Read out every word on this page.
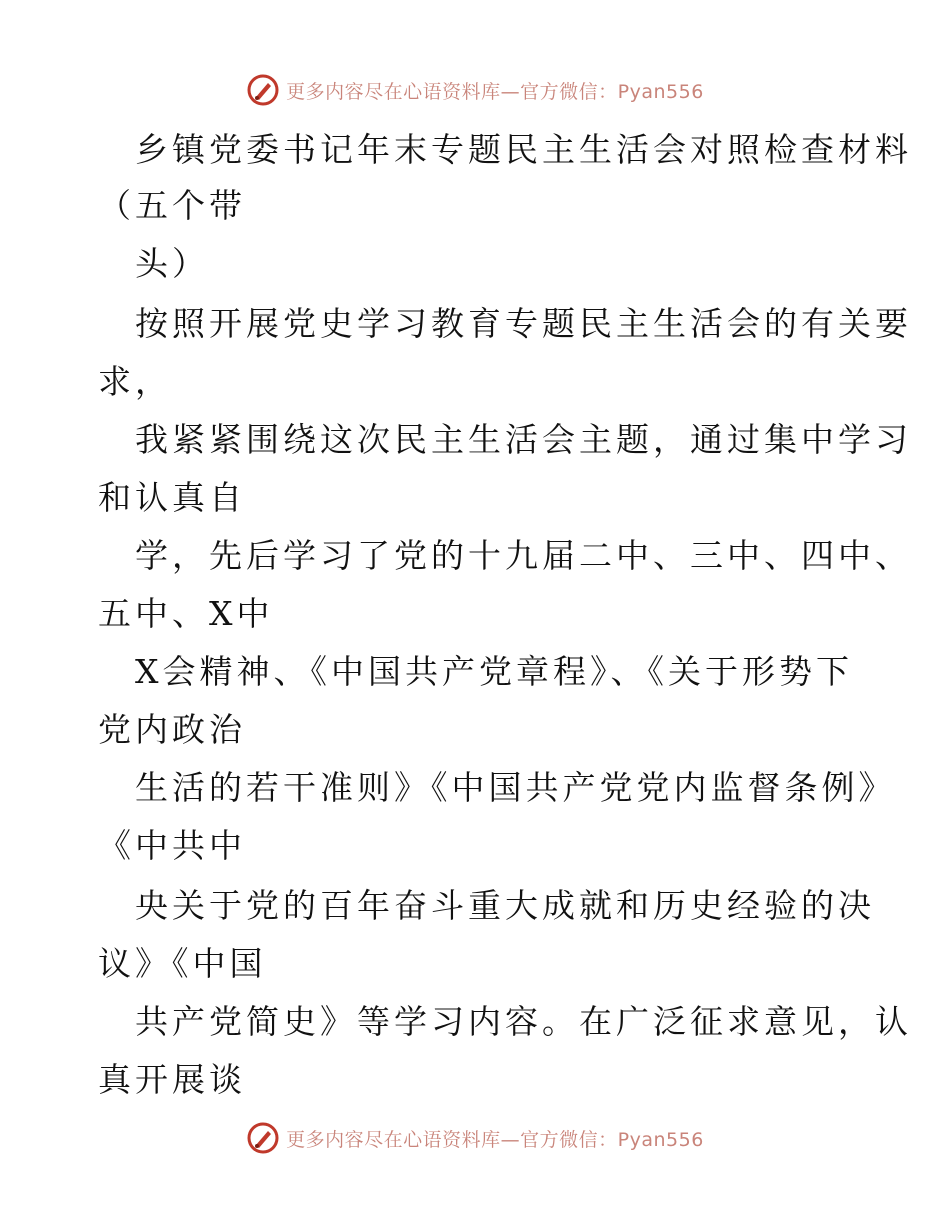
更多内容尽在心语资料库—官方微信：Pyan556
乡镇党委书记年末专题民主生活会对照检查材料
（五个带
头）
按照开展党史学习教育专题民主生活会的有关要
求，
我紧紧围绕这次民主生活会主题，通过集中学习
和认真自
学，先后学习了党的十九届二中、三中、四中、
五中、X中
X会精神、《中国共产党章程》、《关于形势下
党内政治
生活的若干准则》《中国共产党党内监督条例》
《中共中
央关于党的百年奋斗重大成就和历史经验的决
议》《中国
共产党简史》等学习内容。在广泛征求意见，认
真开展谈
更多内容尽在心语资料库—官方微信：Pyan556
